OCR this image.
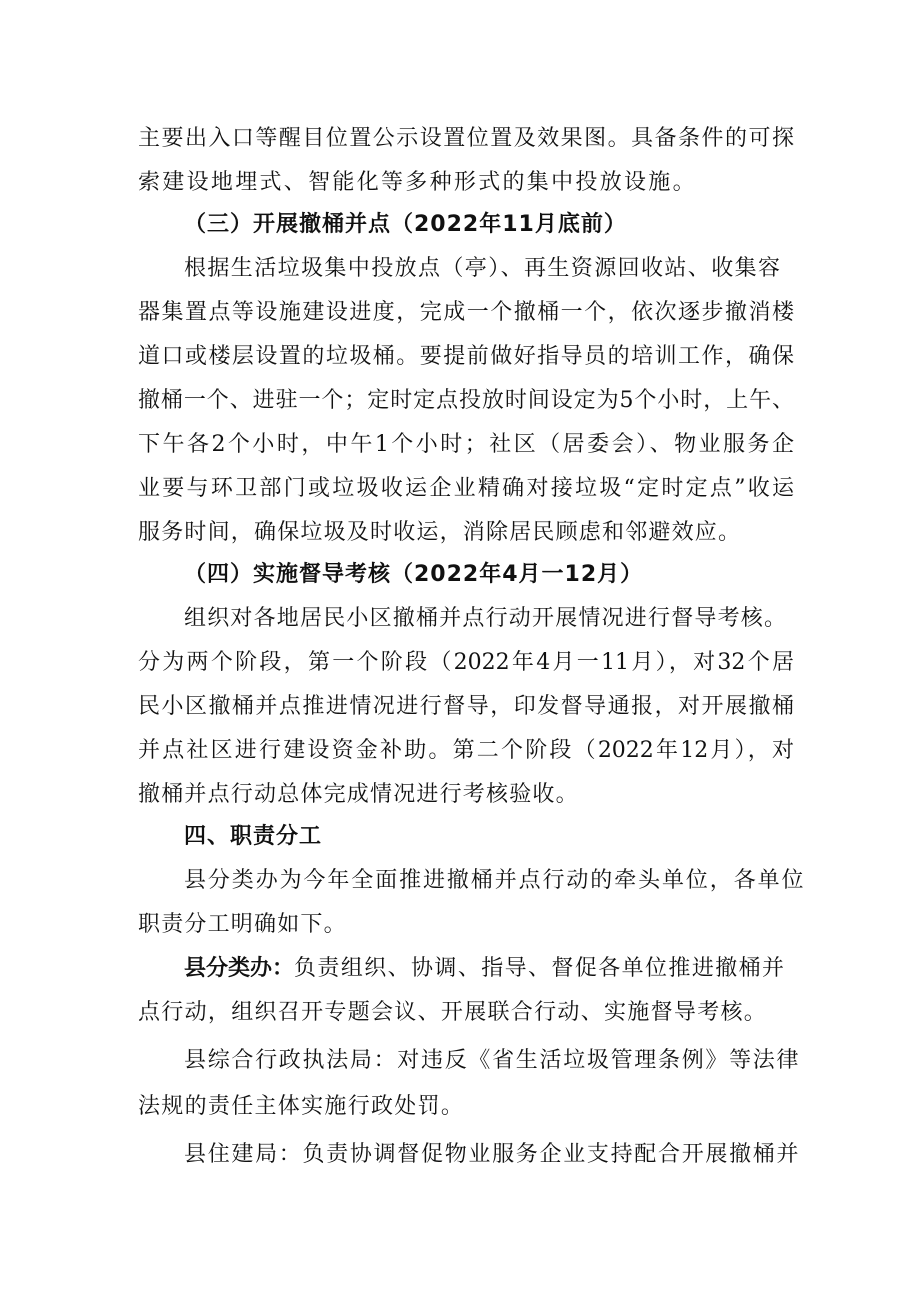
主要出入口等醒目位置公示设置位置及效果图。具备条件的可探
索建设地埋式、智能化等多种形式的集中投放设施。
（三）开展撤桶并点（2022年11月底前）
根据生活垃圾集中投放点（亭）、再生资源回收站、收集容
器集置点等设施建设进度，完成一个撤桶一个，依次逐步撤消楼
道口或楼层设置的垃圾桶。要提前做好指导员的培训工作，确保
撤桶一个、进驻一个；定时定点投放时间设定为5个小时，上午、
下午各2个小时，中午1个小时；社区（居委会）、物业服务企
业要与环卫部门或垃圾收运企业精确对接垃圾“定时定点”收运
服务时间，确保垃圾及时收运，消除居民顾虑和邻避效应。
（四）实施督导考核（2022年4月一12月）
组织对各地居民小区撤桶并点行动开展情况进行督导考核。
分为两个阶段，第一个阶段（2022年4月一11月），对32个居
民小区撤桶并点推进情况进行督导，印发督导通报，对开展撤桶
并点社区进行建设资金补助。第二个阶段（2022年12月），对
撤桶并点行动总体完成情况进行考核验收。
四、职责分工
县分类办为今年全面推进撤桶并点行动的牵头单位，各单位
职责分工明确如下。
县分类办：负责组织、协调、指导、督促各单位推进撤桶并
点行动，组织召开专题会议、开展联合行动、实施督导考核。
县综合行政执法局：对违反《省生活垃圾管理条例》等法律
法规的责任主体实施行政处罚。
县住建局：负责协调督促物业服务企业支持配合开展撤桶并
